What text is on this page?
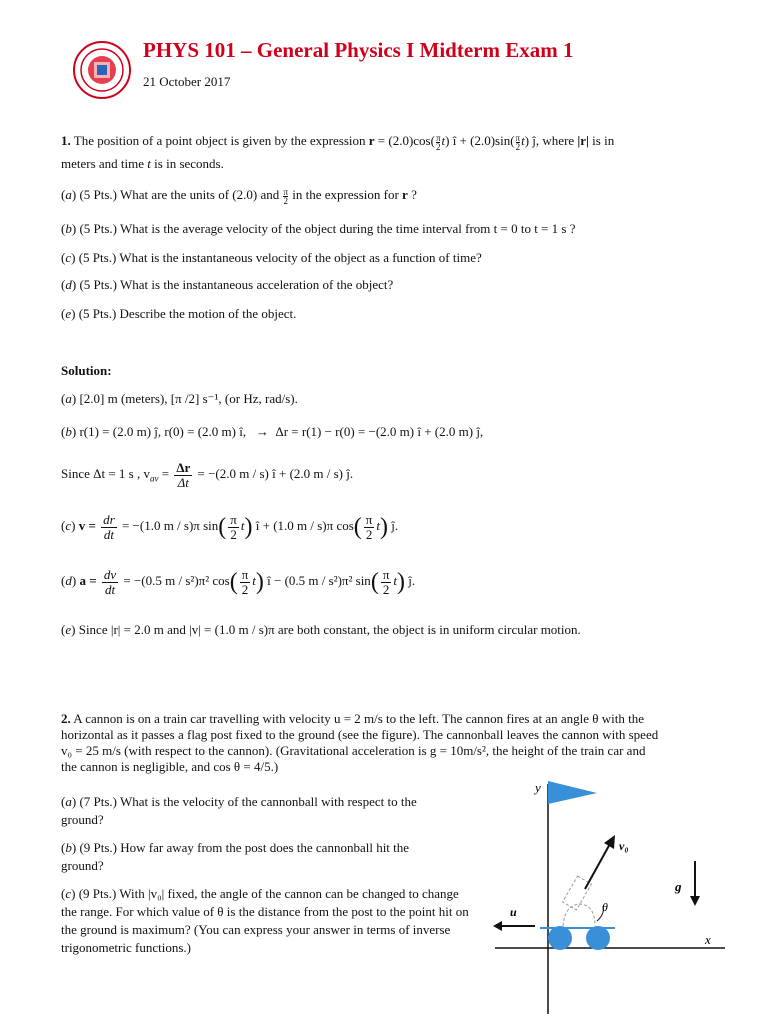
PHYS 101 – General Physics I Midterm Exam 1
21 October 2017
1. The position of a point object is given by the expression $r = (2.0)\cos( \frac{\pi}{2} t)$ î + $(2.0)\sin( \frac{\pi}{2} t)$ ĵ, where |r| is in
meters and time t is in seconds.
(a) (5 Pts.) What are the units of (2.0) and $\frac{\pi}{2}$ in the expression for r ?
(b) (5 Pts.) What is the average velocity of the object during the time interval from t = 0 to t = 1 s ?
(c) (5 Pts.) What is the instantaneous velocity of the object as a function of time?
(d) (5 Pts.) What is the instantaneous acceleration of the object?
(e) (5 Pts.) Describe the motion of the object.
Solution:
(a) [2.0] m (meters), [π /2] s⁻¹, (or Hz, rad/s).
(b) r(1) = (2.0 m) ĵ, r(0) = (2.0 m) î, → Δr = r(1) − r(0) = −(2.0 m) î + (2.0 m) ĵ,
Since Δt = 1 s , $v_{av} = \frac{\Delta r}{\Delta t} = -(2.0$ m / s) î + (2.0 m / s) ĵ.
(c) $v = \frac{dr}{dt} = -(1.0$ m / s)π $\sin( \frac{\pi}{2} t)$ î + (1.0 m / s)π $\cos( \frac{\pi}{2} t)$ ĵ.
(d) $a = \frac{dv}{dt} = -(0.5$ m / s²)π² $\cos( \frac{\pi}{2} t)$ î − (0.5 m / s²)π² $\sin( \frac{\pi}{2} t)$ ĵ.
(e) Since |r| = 2.0 m and |v| = (1.0 m / s)π are both constant, the object is in uniform circular motion.
2. A cannon is on a train car travelling with velocity u = 2 m/s to the left. The cannon fires at an angle θ with the
horizontal as it passes a flag post fixed to the ground (see the figure). The cannonball leaves the cannon with speed
v₀ = 25 m/s (with respect to the cannon). (Gravitational acceleration is g = 10m/s², the height of the train car and
the cannon is negligible, and cos θ = 4/5.)
(a) (7 Pts.) What is the velocity of the cannonball with respect to the ground?
(b) (9 Pts.) How far away from the post does the cannonball hit the ground?
(c) (9 Pts.) With |v₀| fixed, the angle of the cannon can be changed to change the range. For which value of θ is the distance from the post to the point hit on the ground is maximum? (You can express your answer in terms of inverse trigonometric functions.)
y
x
v₀
θ
u
g
